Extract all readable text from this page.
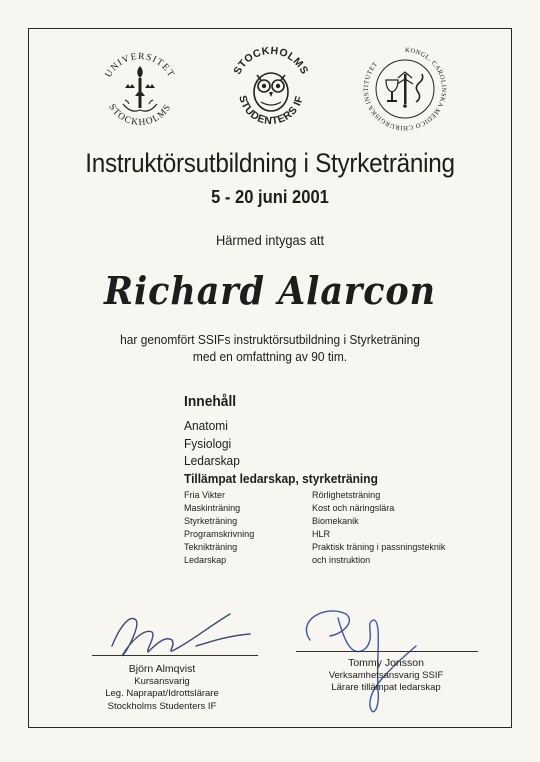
UNIVERSITET
STOCKHOLMS
STOCKHOLMS
STUDENTERS IF
KONGL. CAROLINSKA MEDICO CHIRURGISKA INSTITUTET
Instruktörsutbildning i Styrketräning
5 - 20 juni 2001
Härmed intygas att
Richard Alarcon
har genomfört SSIFs instruktörsutbildning i Styrketräning
med en omfattning av 90 tim.
Innehåll
Anatomi
Fysiologi
Ledarskap
Tillämpat ledarskap, styrketräning
Fria Vikter
Maskinträning
Styrketräning
Programskrivning
Teknikträning
Ledarskap
Rörlighetsträning
Kost och näringslära
Biomekanik
HLR
Praktisk träning i passningsteknik
och instruktion
Björn Almqvist
Kursansvarig
Leg. Naprapat/Idrottslärare
Stockholms Studenters IF
Tommy Jonsson
Verksamhetsansvarig SSIF
Lärare tillämpat ledarskap
